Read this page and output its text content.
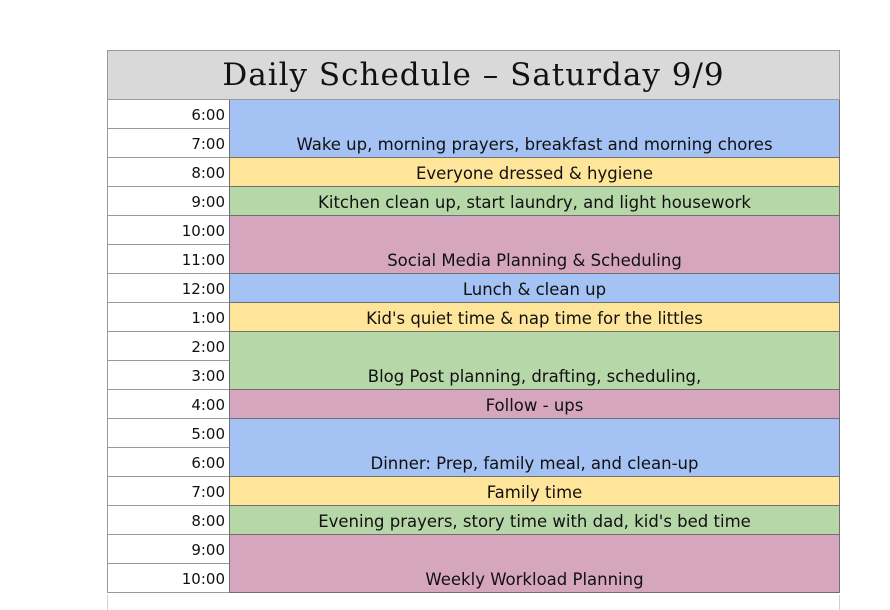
Daily Schedule – Saturday 9/9
6:00
7:00
8:00
9:00
10:00
11:00
12:00
1:00
2:00
3:00
4:00
5:00
6:00
7:00
8:00
9:00
10:00
Wake up, morning prayers, breakfast and morning chores
Everyone dressed & hygiene
Kitchen clean up, start laundry, and light housework
Social Media Planning & Scheduling
Lunch & clean up
Kid's quiet time & nap time for the littles
Blog Post planning, drafting, scheduling,
Follow - ups
Dinner: Prep, family meal, and clean-up
Family time
Evening prayers, story time with dad, kid's bed time
Weekly Workload Planning
